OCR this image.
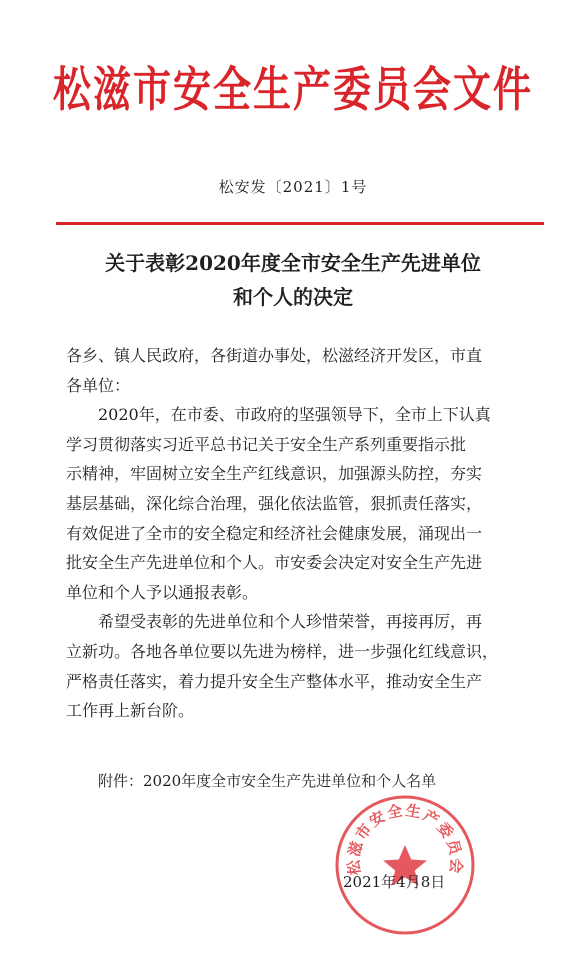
松滋市安全生产委员会文件
松安发〔2021〕1号
关于表彰2020年度全市安全生产先进单位
和个人的决定

各乡、镇人民政府，各街道办事处，松滋经济开发区，市直

各单位：

2020年，在市委、市政府的坚强领导下，全市上下认真

学习贯彻落实习近平总书记关于安全生产系列重要指示批

示精神，牢固树立安全生产红线意识，加强源头防控，夯实

基层基础，深化综合治理，强化依法监管，狠抓责任落实，

有效促进了全市的安全稳定和经济社会健康发展，涌现出一

批安全生产先进单位和个人。市安委会决定对安全生产先进

单位和个人予以通报表彰。

希望受表彰的先进单位和个人珍惜荣誉，再接再厉，再

立新功。各地各单位要以先进为榜样，进一步强化红线意识，

严格责任落实，着力提升安全生产整体水平，推动安全生产

工作再上新台阶。

附件：2020年度全市安全生产先进单位和个人名单
松滋市安全生产委员会
2021年4月8日
